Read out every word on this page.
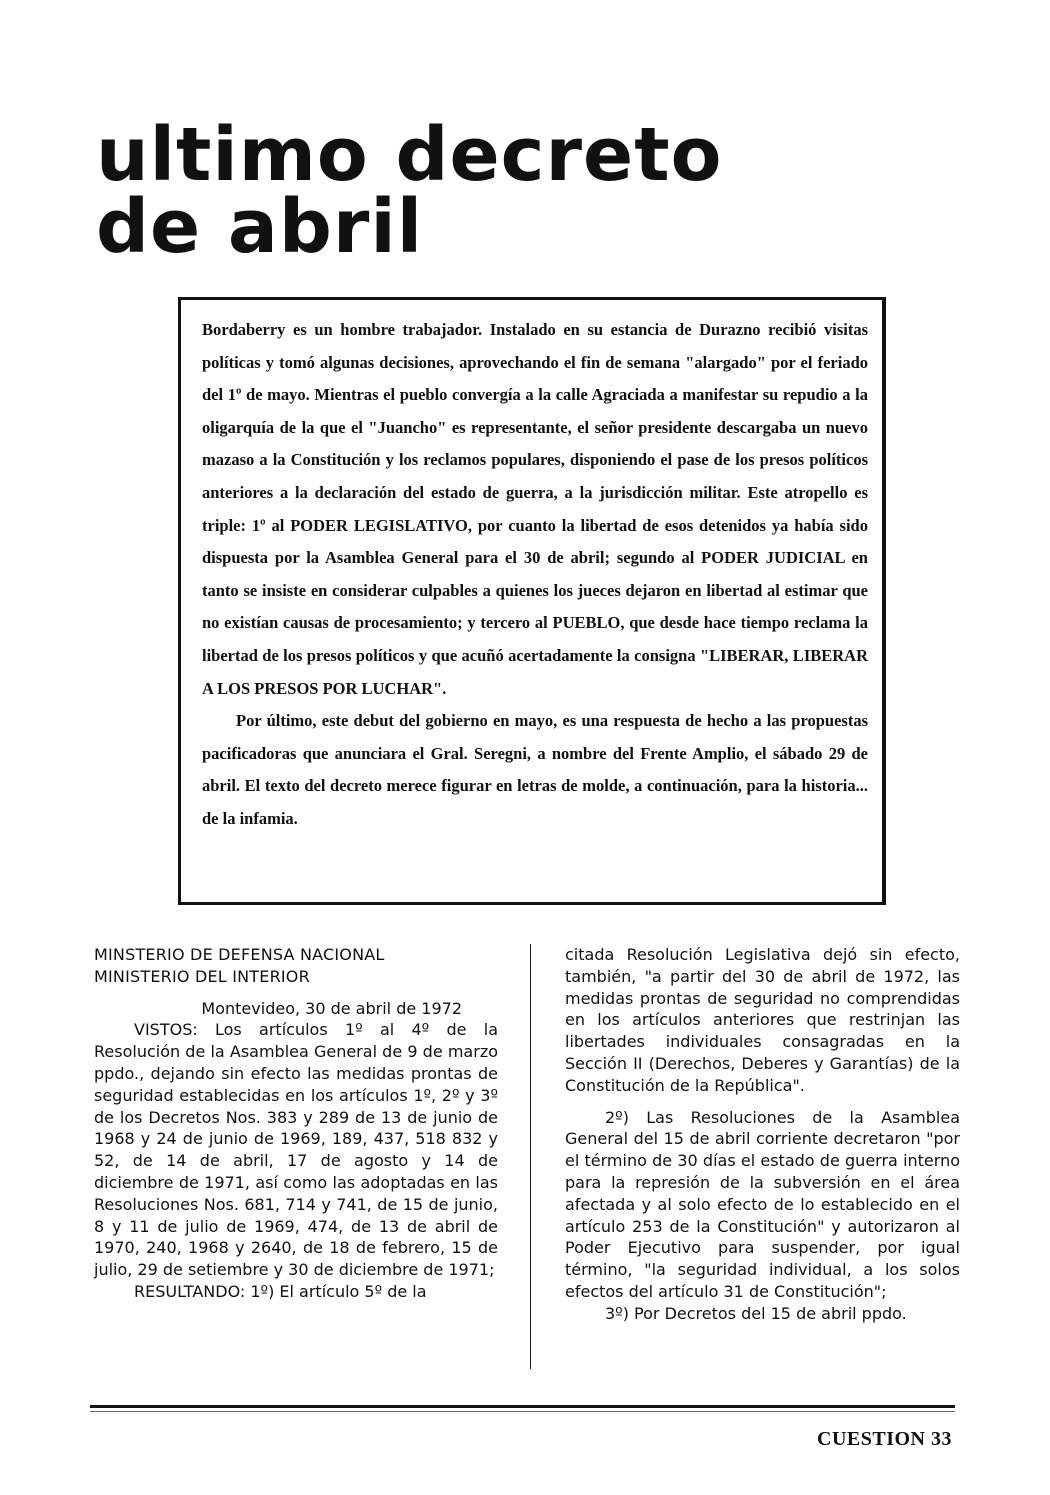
ultimo decreto
de abril

Bordaberry es un hombre trabajador. Instalado en su estancia de Durazno recibió visitas políticas y tomó algunas decisiones, aprovechando el fin de semana "alargado" por el feriado del 1º de mayo. Mientras el pueblo convergía a la calle Agraciada a manifestar su repudio a la oligarquía de la que el "Juancho" es representante, el señor presidente descargaba un nuevo mazaso a la Constitución y los reclamos populares, disponiendo el pase de los presos políticos anteriores a la declaración del estado de guerra, a la jurisdicción militar. Este atropello es triple: 1º al PODER LEGISLATIVO, por cuanto la libertad de esos detenidos ya había sido dispuesta por la Asamblea General para el 30 de abril; segundo al PODER JUDICIAL en tanto se insiste en considerar culpables a quienes los jueces dejaron en libertad al estimar que no existían causas de procesamiento; y tercero al PUEBLO, que desde hace tiempo reclama la libertad de los presos políticos y que acuñó acertadamente la consigna "LIBERAR, LIBERAR A LOS PRESOS POR LUCHAR".

Por último, este debut del gobierno en mayo, es una respuesta de hecho a las propuestas pacificadoras que anunciara el Gral. Seregni, a nombre del Frente Amplio, el sábado 29 de abril. El texto del decreto merece figurar en letras de molde, a continuación, para la historia... de la infamia.

MINSTERIO DE DEFENSA NACIONAL

MINISTERIO DEL INTERIOR

Montevideo, 30 de abril de 1972

VISTOS: Los artículos 1º al 4º de la Resolución de la Asamblea General de 9 de marzo ppdo., dejando sin efecto las medidas prontas de seguridad establecidas en los artículos 1º, 2º y 3º de los Decretos Nos. 383 y 289 de 13 de junio de 1968 y 24 de junio de 1969, 189, 437, 518 832 y 52, de 14 de abril, 17 de agosto y 14 de diciembre de 1971, así como las adoptadas en las Resoluciones Nos. 681, 714 y 741, de 15 de junio, 8 y 11 de julio de 1969, 474, de 13 de abril de 1970, 240, 1968 y 2640, de 18 de febrero, 15 de julio, 29 de setiembre y 30 de diciembre de 1971;

RESULTANDO: 1º) El artículo 5º de la

citada Resolución Legislativa dejó sin efecto, también, "a partir del 30 de abril de 1972, las medidas prontas de seguridad no comprendidas en los artículos anteriores que restrinjan las libertades individuales consagradas en la Sección II (Derechos, Deberes y Garantías) de la Constitución de la República".

2º) Las Resoluciones de la Asamblea General del 15 de abril corriente decretaron "por el término de 30 días el estado de guerra interno para la represión de la subversión en el área afectada y al solo efecto de lo establecido en el artículo 253 de la Constitución" y autorizaron al Poder Ejecutivo para suspender, por igual término, "la seguridad individual, a los solos efectos del artículo 31 de Constitución";

3º) Por Decretos del 15 de abril ppdo.

CUESTION 33
